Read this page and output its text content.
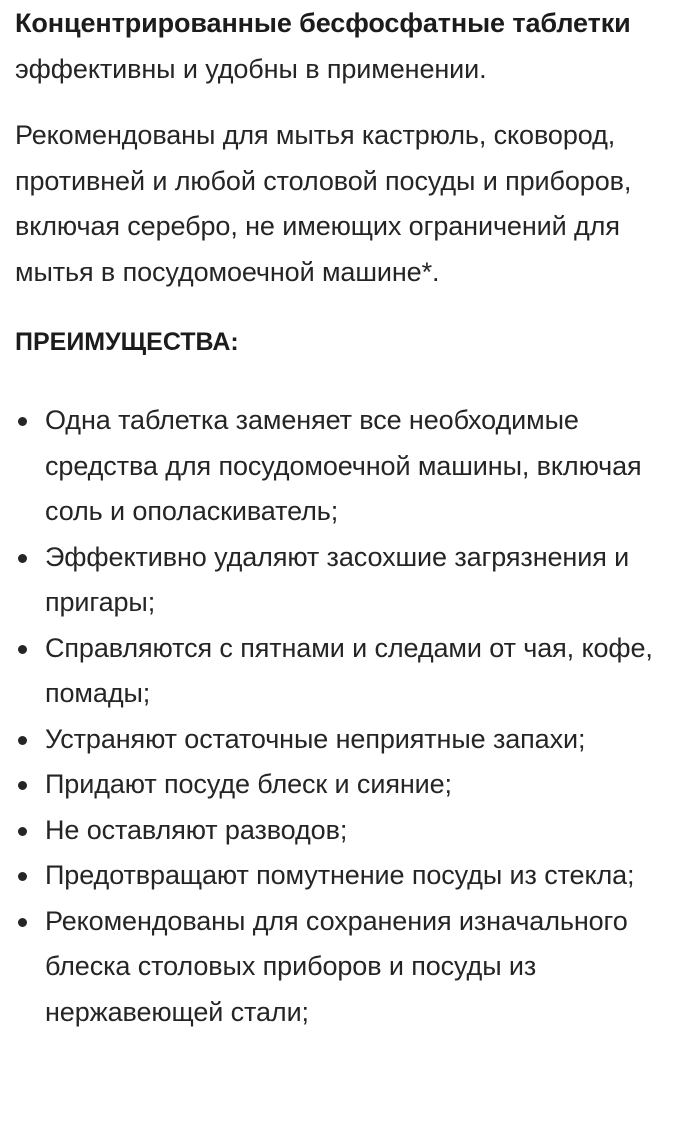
Концентрированные бесфосфатные таблетки эффективны и удобны в применении.

Рекомендованы для мытья кастрюль, сковород, противней и любой столовой посуды и приборов, включая серебро, не имеющих ограничений для мытья в посудомоечной машине*.

ПРЕИМУЩЕСТВА:
Одна таблетка заменяет все необходимые средства для посудомоечной машины, включая соль и ополаскиватель;
Эффективно удаляют засохшие загрязнения и пригары;
Справляются с пятнами и следами от чая, кофе, помады;
Устраняют остаточные неприятные запахи;
Придают посуде блеск и сияние;
Не оставляют разводов;
Предотвращают помутнение посуды из стекла;
Рекомендованы для сохранения изначального блеска столовых приборов и посуды из нержавеющей стали;
